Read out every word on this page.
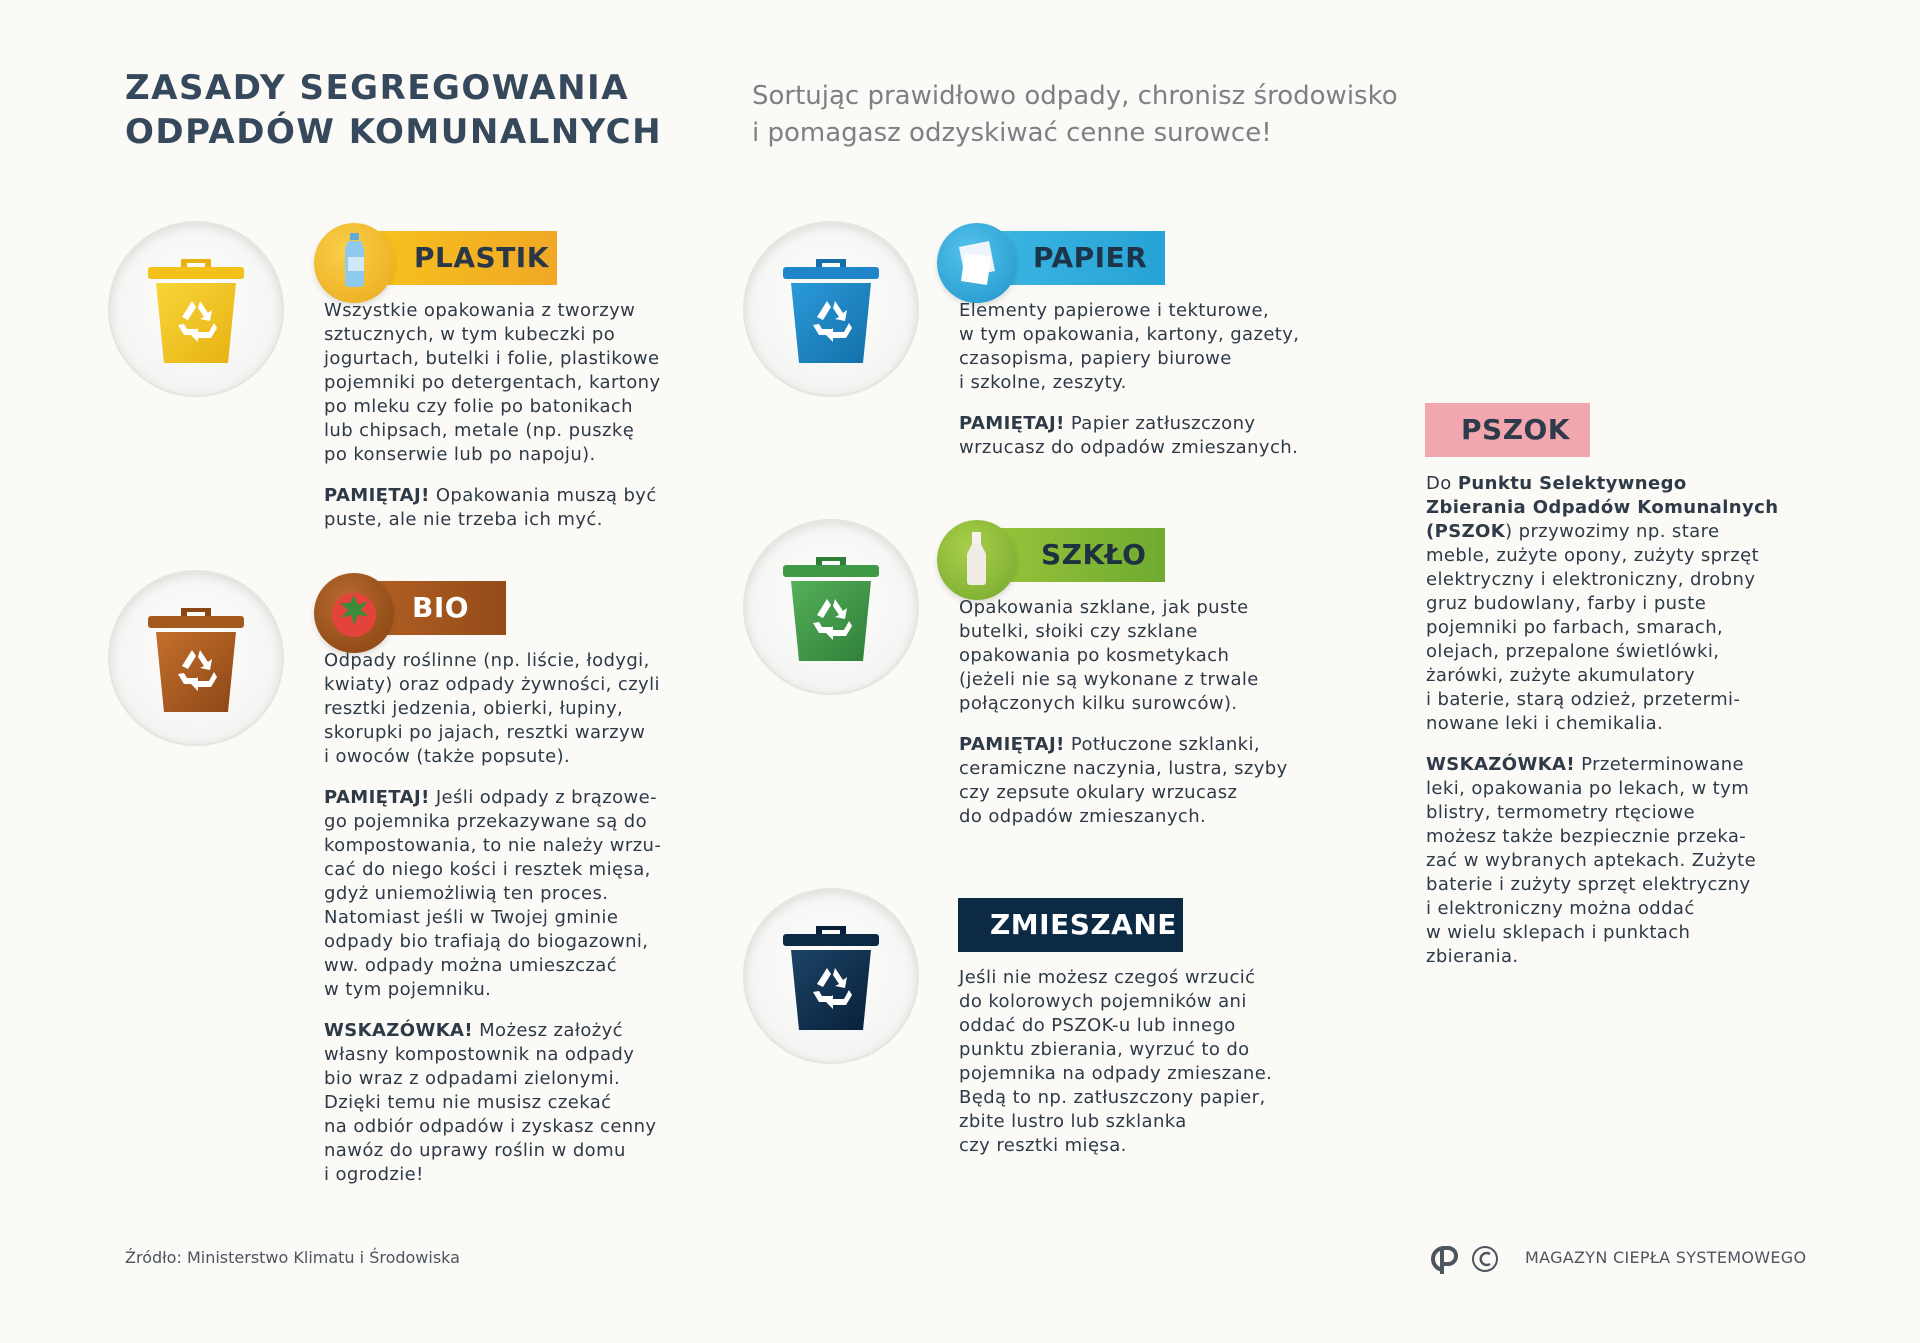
ZASADY SEGREGOWANIA
ODPADÓW KOMUNALNYCH
Sortując prawidłowo odpady, chronisz środowisko
i pomagasz odzyskiwać cenne surowce!
PLASTIK
BIO
PAPIER
SZKŁO
ZMIESZANE
PSZOK

Wszystkie opakowania z tworzyw
sztucznych, w tym kubeczki po
jogurtach, butelki i folie, plastikowe
pojemniki po detergentach, kartony
po mleku czy folie po batonikach
lub chipsach, metale (np. puszkę
po konserwie lub po napoju).

PAMIĘTAJ! Opakowania muszą być
puste, ale nie trzeba ich myć.

Odpady roślinne (np. liście, łodygi,
kwiaty) oraz odpady żywności, czyli
resztki jedzenia, obierki, łupiny,
skorupki po jajach, resztki warzyw
i owoców (także popsute).

PAMIĘTAJ! Jeśli odpady z brązowe-
go pojemnika przekazywane są do
kompostowania, to nie należy wrzu-
cać do niego kości i resztek mięsa,
gdyż uniemożliwią ten proces.
Natomiast jeśli w Twojej gminie
odpady bio trafiają do biogazowni,
ww. odpady można umieszczać
w tym pojemniku.

WSKAZÓWKA! Możesz założyć
własny kompostownik na odpady
bio wraz z odpadami zielonymi.
Dzięki temu nie musisz czekać
na odbiór odpadów i zyskasz cenny
nawóz do uprawy roślin w domu
i ogrodzie!

Elementy papierowe i tekturowe,
w tym opakowania, kartony, gazety,
czasopisma, papiery biurowe
i szkolne, zeszyty.

PAMIĘTAJ! Papier zatłuszczony
wrzucasz do odpadów zmieszanych.

Opakowania szklane, jak puste
butelki, słoiki czy szklane
opakowania po kosmetykach
(jeżeli nie są wykonane z trwale
połączonych kilku surowców).

PAMIĘTAJ! Potłuczone szklanki,
ceramiczne naczynia, lustra, szyby
czy zepsute okulary wrzucasz
do odpadów zmieszanych.

Jeśli nie możesz czegoś wrzucić
do kolorowych pojemników ani
oddać do PSZOK-u lub innego
punktu zbierania, wyrzuć to do
pojemnika na odpady zmieszane.
Będą to np. zatłuszczony papier,
zbite lustro lub szklanka
czy resztki mięsa.

Do Punktu Selektywnego
Zbierania Odpadów Komunalnych
(PSZOK) przywozimy np. stare
meble, zużyte opony, zużyty sprzęt
elektryczny i elektroniczny, drobny
gruz budowlany, farby i puste
pojemniki po farbach, smarach,
olejach, przepalone świetlówki,
żarówki, zużyte akumulatory
i baterie, starą odzież, przetermi-
nowane leki i chemikalia.

WSKAZÓWKA! Przeterminowane
leki, opakowania po lekach, w tym
blistry, termometry rtęciowe
możesz także bezpiecznie przeka-
zać w wybranych aptekach. Zużyte
baterie i zużyty sprzęt elektryczny
i elektroniczny można oddać
w wielu sklepach i punktach
zbierania.

Źródło: Ministerstwo Klimatu i Środowiska	MAGAZYN CIEPŁA SYSTEMOWEGO
